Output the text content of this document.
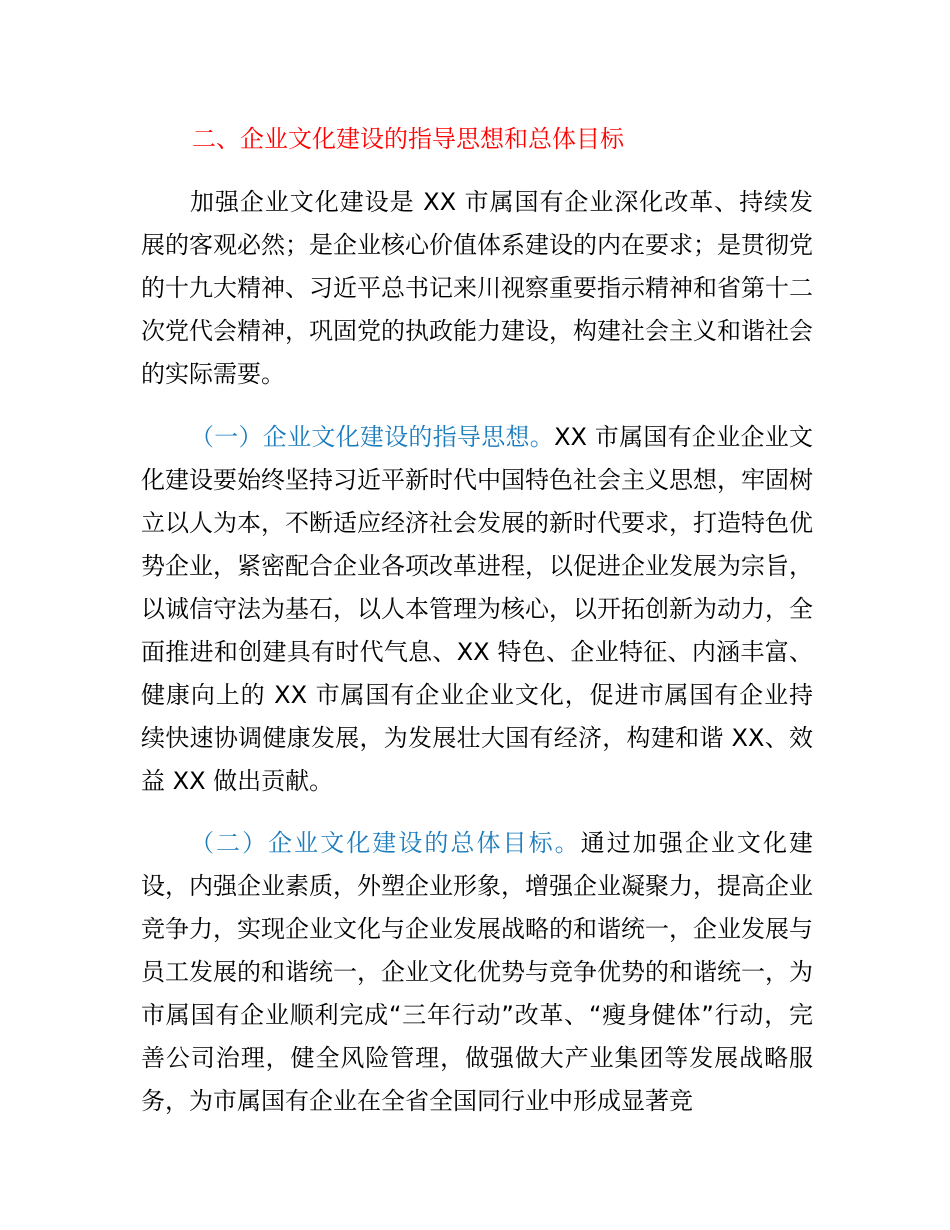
二、企业文化建设的指导思想和总体目标

加强企业文化建设是 XX 市属国有企业深化改革、持续发展的客观必然；是企业核心价值体系建设的内在要求；是贯彻党的十九大精神、习近平总书记来川视察重要指示精神和省第十二次党代会精神，巩固党的执政能力建设，构建社会主义和谐社会的实际需要。

（一）企业文化建设的指导思想。XX 市属国有企业企业文化建设要始终坚持习近平新时代中国特色社会主义思想，牢固树立以人为本，不断适应经济社会发展的新时代要求，打造特色优势企业，紧密配合企业各项改革进程，以促进企业发展为宗旨，以诚信守法为基石，以人本管理为核心，以开拓创新为动力，全面推进和创建具有时代气息、XX 特色、企业特征、内涵丰富、健康向上的 XX 市属国有企业企业文化，促进市属国有企业持续快速协调健康发展，为发展壮大国有经济，构建和谐 XX、效益 XX 做出贡献。

（二）企业文化建设的总体目标。通过加强企业文化建设，内强企业素质，外塑企业形象，增强企业凝聚力，提高企业竞争力，实现企业文化与企业发展战略的和谐统一，企业发展与员工发展的和谐统一，企业文化优势与竞争优势的和谐统一，为市属国有企业顺利完成“三年行动”改革、“瘦身健体”行动，完善公司治理，健全风险管理，做强做大产业集团等发展战略服务，为市属国有企业在全省全国同行业中形成显著竞
